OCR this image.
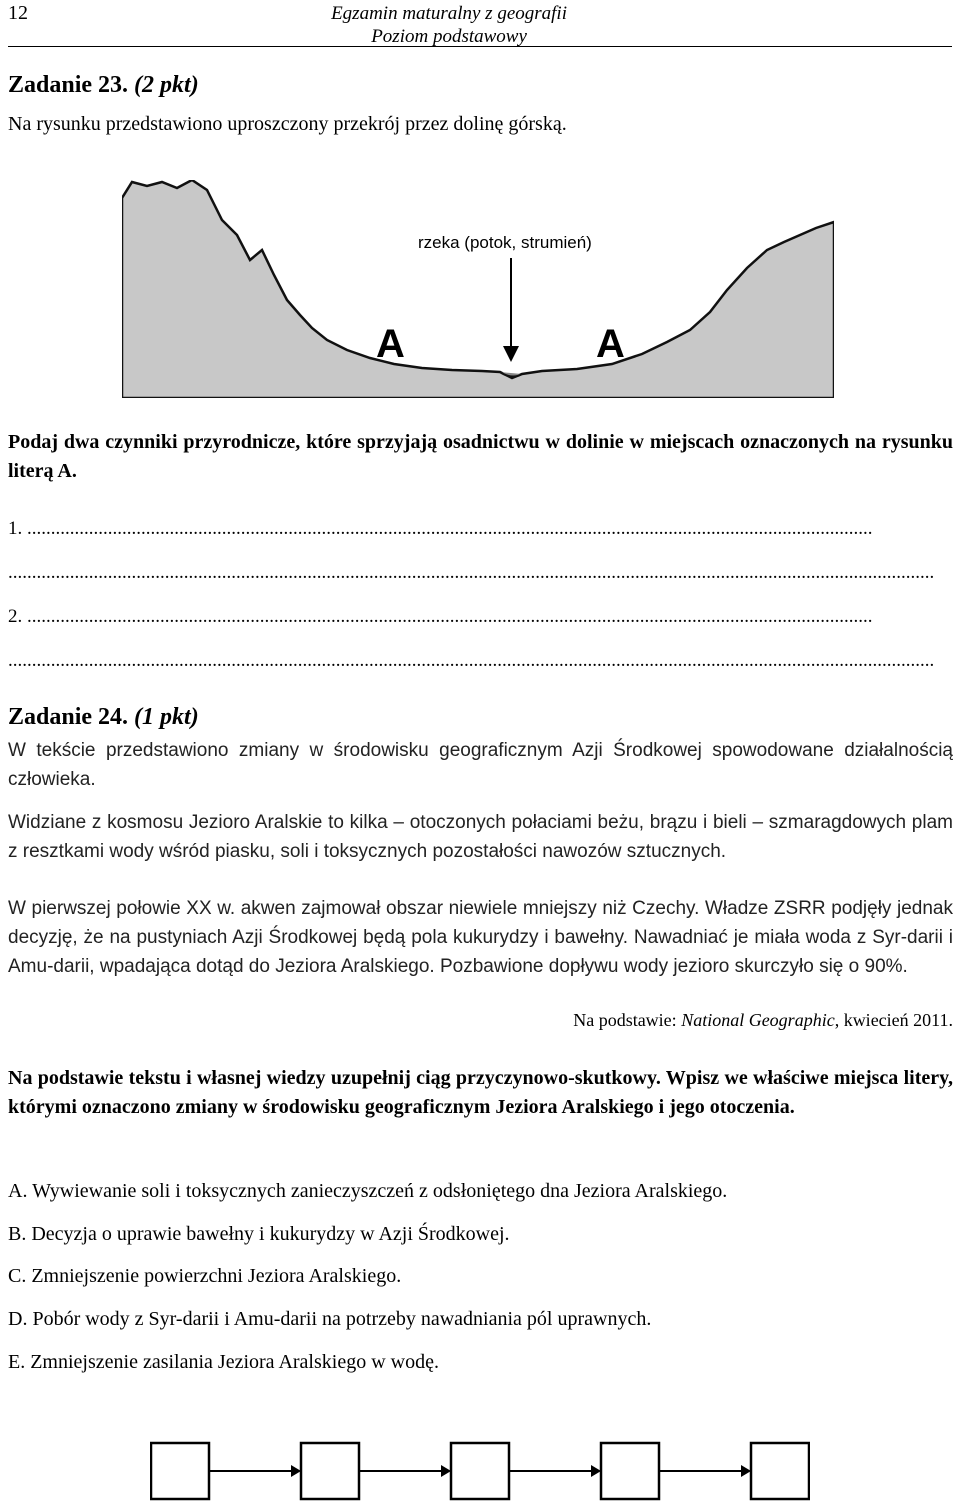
12	Egzamin maturalny z geografii
Poziom podstawowy
Zadanie 23. (2 pkt)
Na rysunku przedstawiono uproszczony przekrój przez dolinę górską.
rzeka (potok, strumień)
A	A
Podaj dwa czynniki przyrodnicze, które sprzyjają osadnictwu w dolinie w miejscach oznaczonych na rysunku literą A.
1. ..................................................................................................................................................................................
...................................................................................................................................................................................................
2. ..................................................................................................................................................................................
...................................................................................................................................................................................................
Zadanie 24. (1 pkt)
W tekście przedstawiono zmiany w środowisku geograficznym Azji Środkowej spowodowane działalnością człowieka.
Widziane z kosmosu Jezioro Aralskie to kilka – otoczonych połaciami beżu, brązu i bieli – szmaragdowych plam z resztkami wody wśród piasku, soli i toksycznych pozostałości nawozów sztucznych.
W pierwszej połowie XX w. akwen zajmował obszar niewiele mniejszy niż Czechy. Władze ZSRR podjęły jednak decyzję, że na pustyniach Azji Środkowej będą pola kukurydzy i bawełny. Nawadniać je miała woda z Syr-darii i Amu-darii, wpadająca dotąd do Jeziora Aralskiego. Pozbawione dopływu wody jezioro skurczyło się o 90%.
Na podstawie: National Geographic, kwiecień 2011.
Na podstawie tekstu i własnej wiedzy uzupełnij ciąg przyczynowo-skutkowy. Wpisz we właściwe miejsca litery, którymi oznaczono zmiany w środowisku geograficznym Jeziora Aralskiego i jego otoczenia.
A. Wywiewanie soli i toksycznych zanieczyszczeń z odsłoniętego dna Jeziora Aralskiego.
B. Decyzja o uprawie bawełny i kukurydzy w Azji Środkowej.
C. Zmniejszenie powierzchni Jeziora Aralskiego.
D. Pobór wody z Syr-darii i Amu-darii na potrzeby nawadniania pól uprawnych.
E. Zmniejszenie zasilania Jeziora Aralskiego w wodę.
